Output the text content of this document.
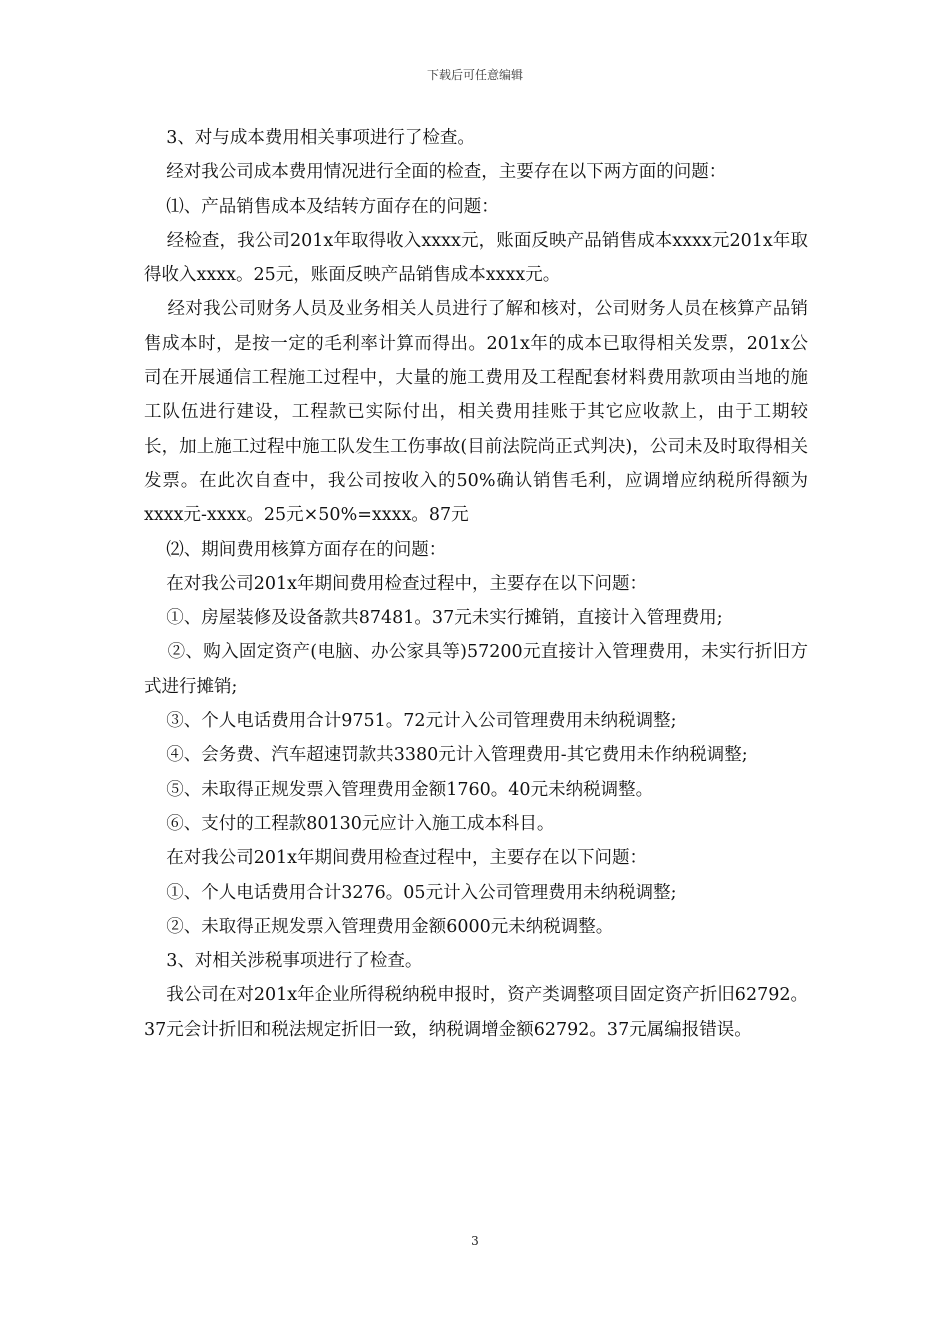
下载后可任意编辑

3、对与成本费用相关事项进行了检查。

经对我公司成本费用情况进行全面的检查，主要存在以下两方面的问题：

⑴、产品销售成本及结转方面存在的问题：

经检查，我公司201x年取得收入xxxx元，账面反映产品销售成本xxxx元201x年取得收入xxxx。25元，账面反映产品销售成本xxxx元。

经对我公司财务人员及业务相关人员进行了解和核对，公司财务人员在核算产品销售成本时，是按一定的毛利率计算而得出。201x年的成本已取得相关发票，201x公司在开展通信工程施工过程中，大量的施工费用及工程配套材料费用款项由当地的施工队伍进行建设，工程款已实际付出，相关费用挂账于其它应收款上，由于工期较长，加上施工过程中施工队发生工伤事故(目前法院尚正式判决)，公司未及时取得相关发票。在此次自查中，我公司按收入的50%确认销售毛利，应调增应纳税所得额为xxxx元-xxxx。25元×50%=xxxx。87元

⑵、期间费用核算方面存在的问题：

在对我公司201x年期间费用检查过程中，主要存在以下问题：

①、房屋装修及设备款共87481。37元未实行摊销，直接计入管理费用;

②、购入固定资产(电脑、办公家具等)57200元直接计入管理费用，未实行折旧方式进行摊销;

③、个人电话费用合计9751。72元计入公司管理费用未纳税调整;

④、会务费、汽车超速罚款共3380元计入管理费用-其它费用未作纳税调整;

⑤、未取得正规发票入管理费用金额1760。40元未纳税调整。

⑥、支付的工程款80130元应计入施工成本科目。

在对我公司201x年期间费用检查过程中，主要存在以下问题：

①、个人电话费用合计3276。05元计入公司管理费用未纳税调整;

②、未取得正规发票入管理费用金额6000元未纳税调整。

3、对相关涉税事项进行了检查。

我公司在对201x年企业所得税纳税申报时，资产类调整项目固定资产折旧62792。37元会计折旧和税法规定折旧一致，纳税调增金额62792。37元属编报错误。

3
